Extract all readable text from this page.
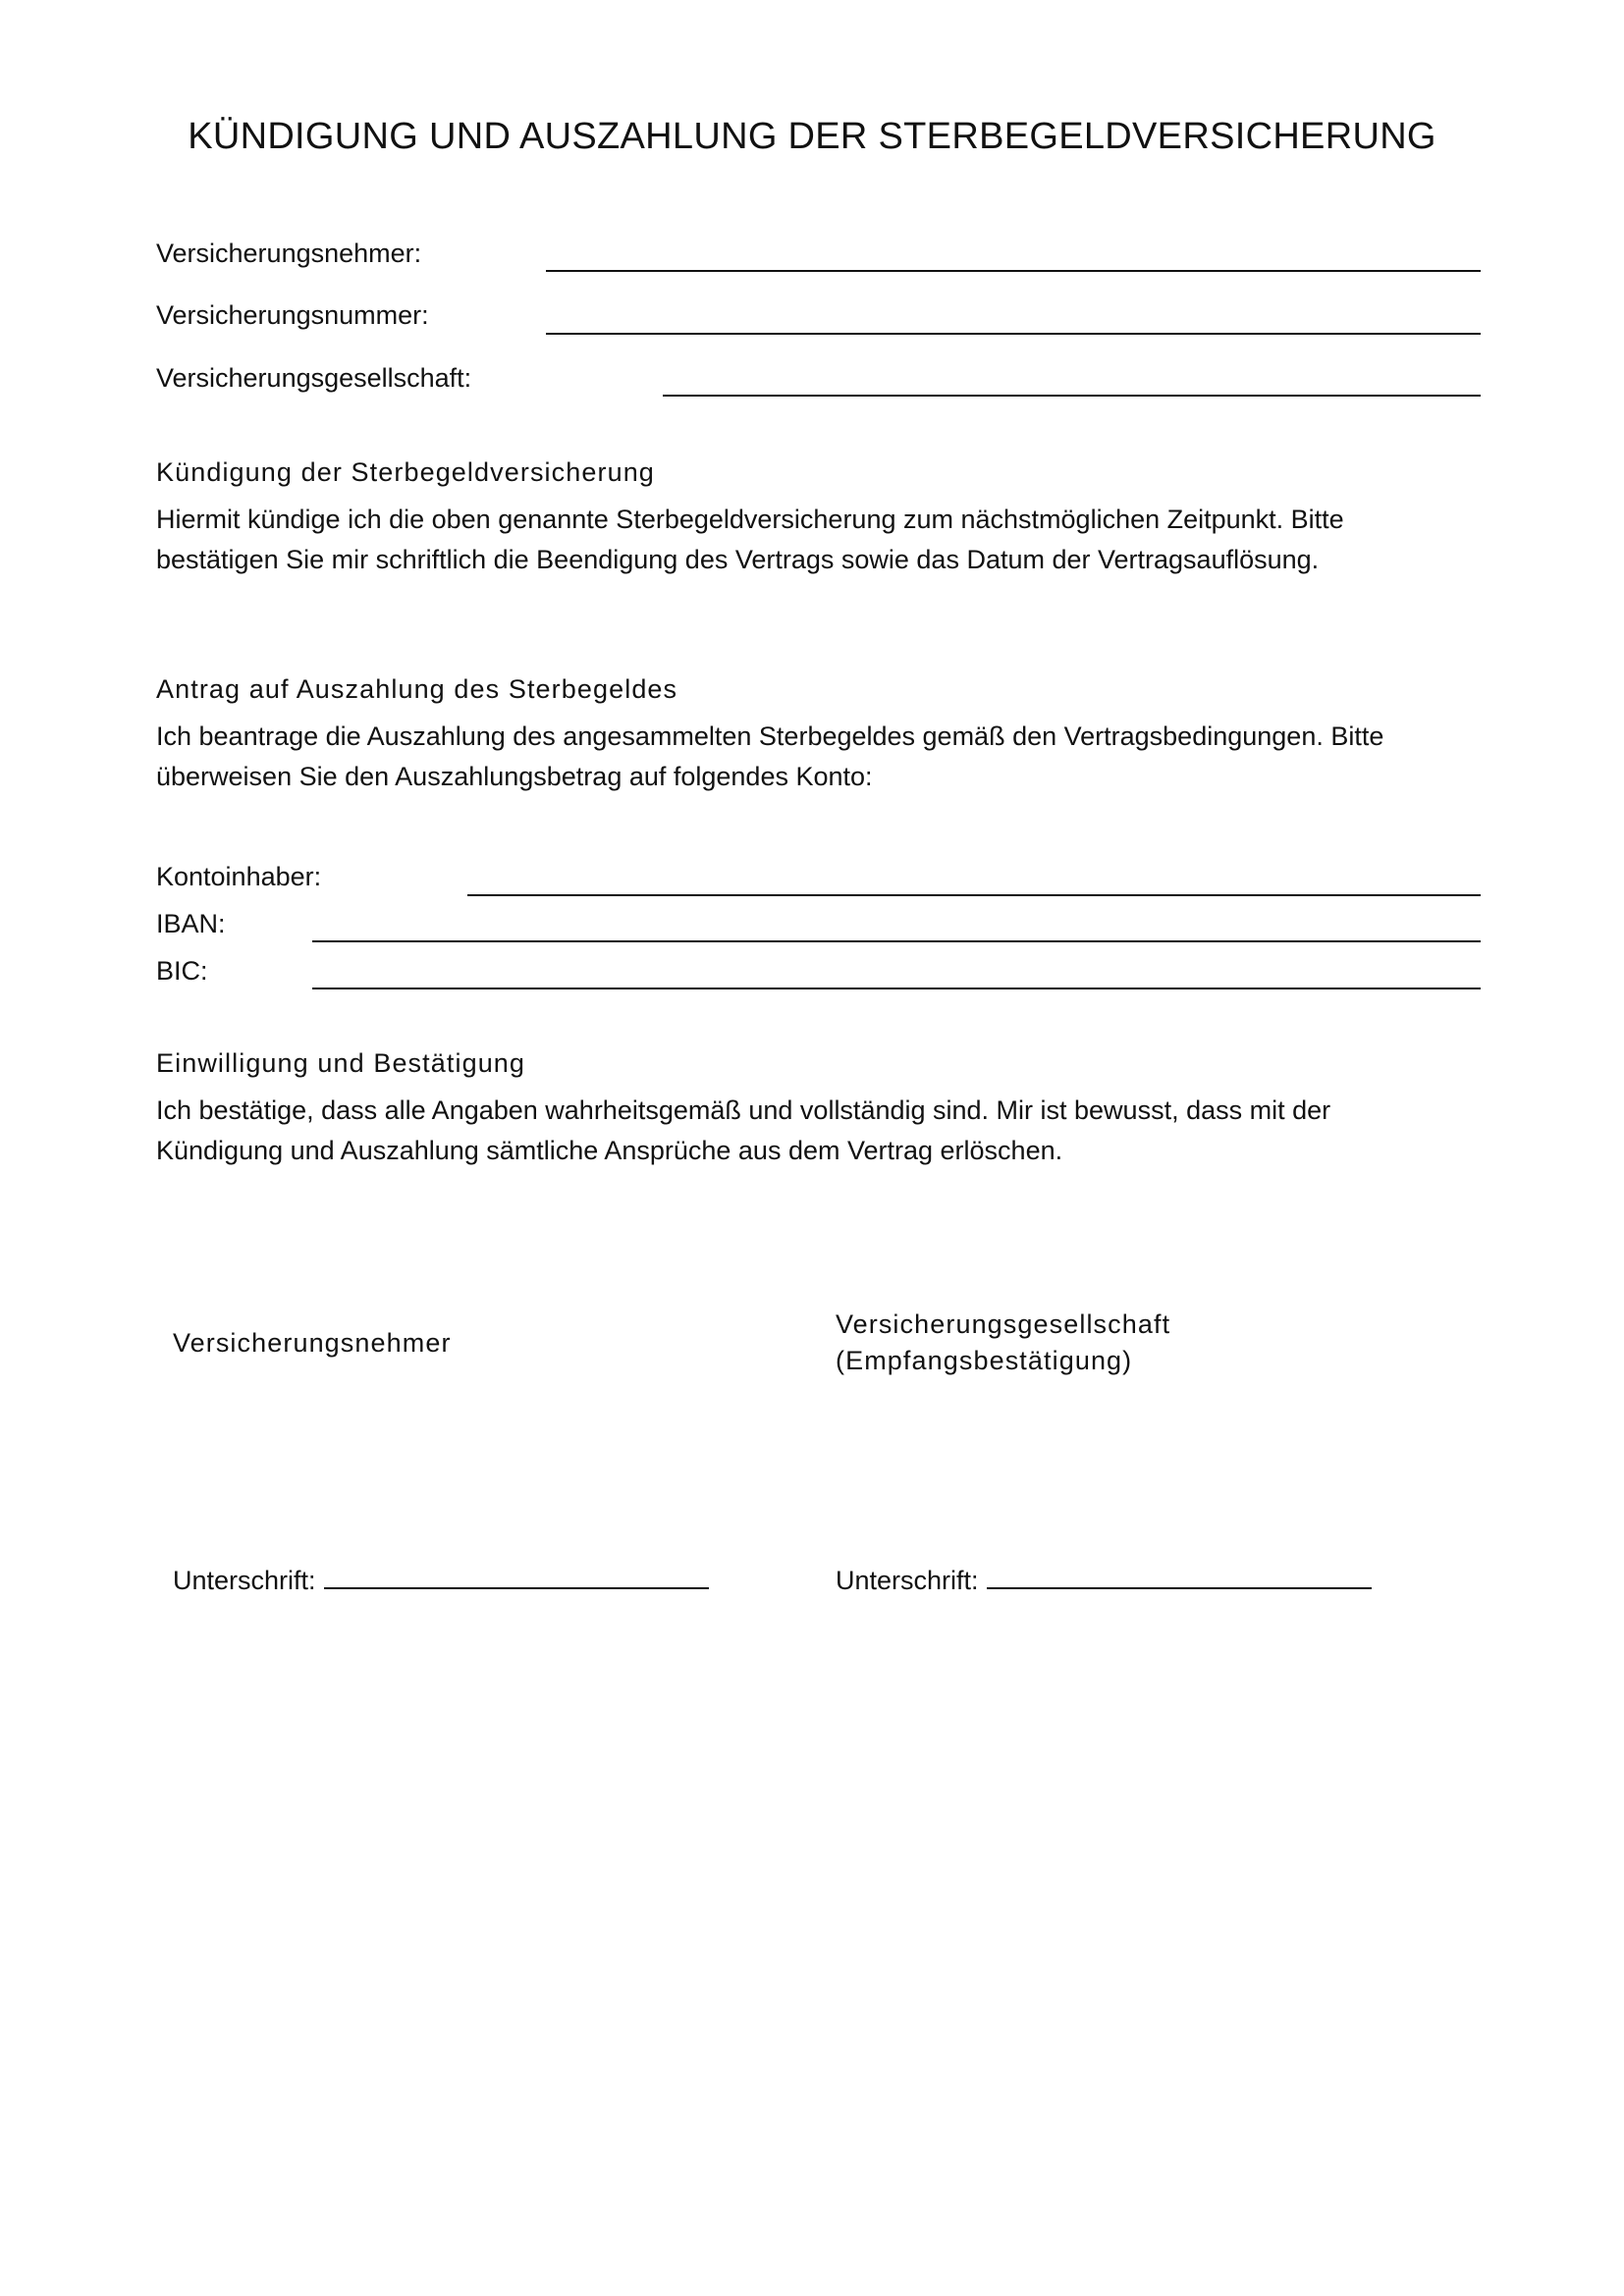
KÜNDIGUNG UND AUSZAHLUNG DER STERBEGELDVERSICHERUNG
Versicherungsnehmer:
Versicherungsnummer:
Versicherungsgesellschaft:
Kündigung der Sterbegeldversicherung
Hiermit kündige ich die oben genannte Sterbegeldversicherung zum nächstmöglichen Zeitpunkt. Bitte
bestätigen Sie mir schriftlich die Beendigung des Vertrags sowie das Datum der Vertragsauflösung.
Antrag auf Auszahlung des Sterbegeldes
Ich beantrage die Auszahlung des angesammelten Sterbegeldes gemäß den Vertragsbedingungen. Bitte
überweisen Sie den Auszahlungsbetrag auf folgendes Konto:
Kontoinhaber:
IBAN:
BIC:
Einwilligung und Bestätigung
Ich bestätige, dass alle Angaben wahrheitsgemäß und vollständig sind. Mir ist bewusst, dass mit der
Kündigung und Auszahlung sämtliche Ansprüche aus dem Vertrag erlöschen.
Versicherungsnehmer
Versicherungsgesellschaft
(Empfangsbestätigung)
Unterschrift:	Unterschrift:
